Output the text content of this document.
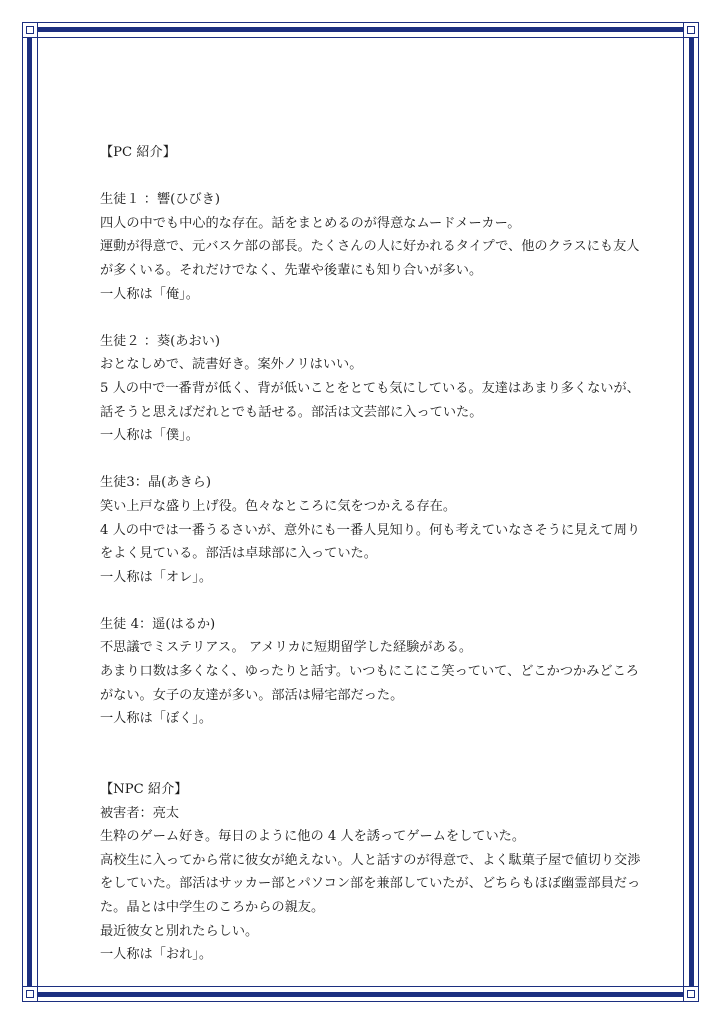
【PC 紹介】

生徒１ ：響(ひびき)

四人の中でも中心的な存在。話をまとめるのが得意なムードメーカー。

運動が得意で、元バスケ部の部長。たくさんの人に好かれるタイプで、他のクラスにも友人

が多くいる。それだけでなく、先輩や後輩にも知り合いが多い。

一人称は「俺」。

生徒２ ：葵(あおい)

おとなしめで、読書好き。案外ノリはいい。

5 人の中で一番背が低く、背が低いことをとても気にしている。友達はあまり多くないが、

話そうと思えばだれとでも話せる。部活は文芸部に入っていた。

一人称は「僕」。

生徒3：晶(あきら)

笑い上戸な盛り上げ役。色々なところに気をつかえる存在。

4 人の中では一番うるさいが、意外にも一番人見知り。何も考えていなさそうに見えて周り

をよく見ている。部活は卓球部に入っていた。

一人称は「オレ」。

生徒 4：遥(はるか)

不思議でミステリアス。 アメリカに短期留学した経験がある。

あまり口数は多くなく、ゆったりと話す。いつもにこにこ笑っていて、どこかつかみどころ

がない。女子の友達が多い。部活は帰宅部だった。

一人称は「ぼく」。

【NPC 紹介】

被害者：亮太

生粋のゲーム好き。毎日のように他の 4 人を誘ってゲームをしていた。

高校生に入ってから常に彼女が絶えない。人と話すのが得意で、よく駄菓子屋で値切り交渉

をしていた。部活はサッカー部とパソコン部を兼部していたが、どちらもほぼ幽霊部員だっ

た。晶とは中学生のころからの親友。

最近彼女と別れたらしい。

一人称は「おれ」。
